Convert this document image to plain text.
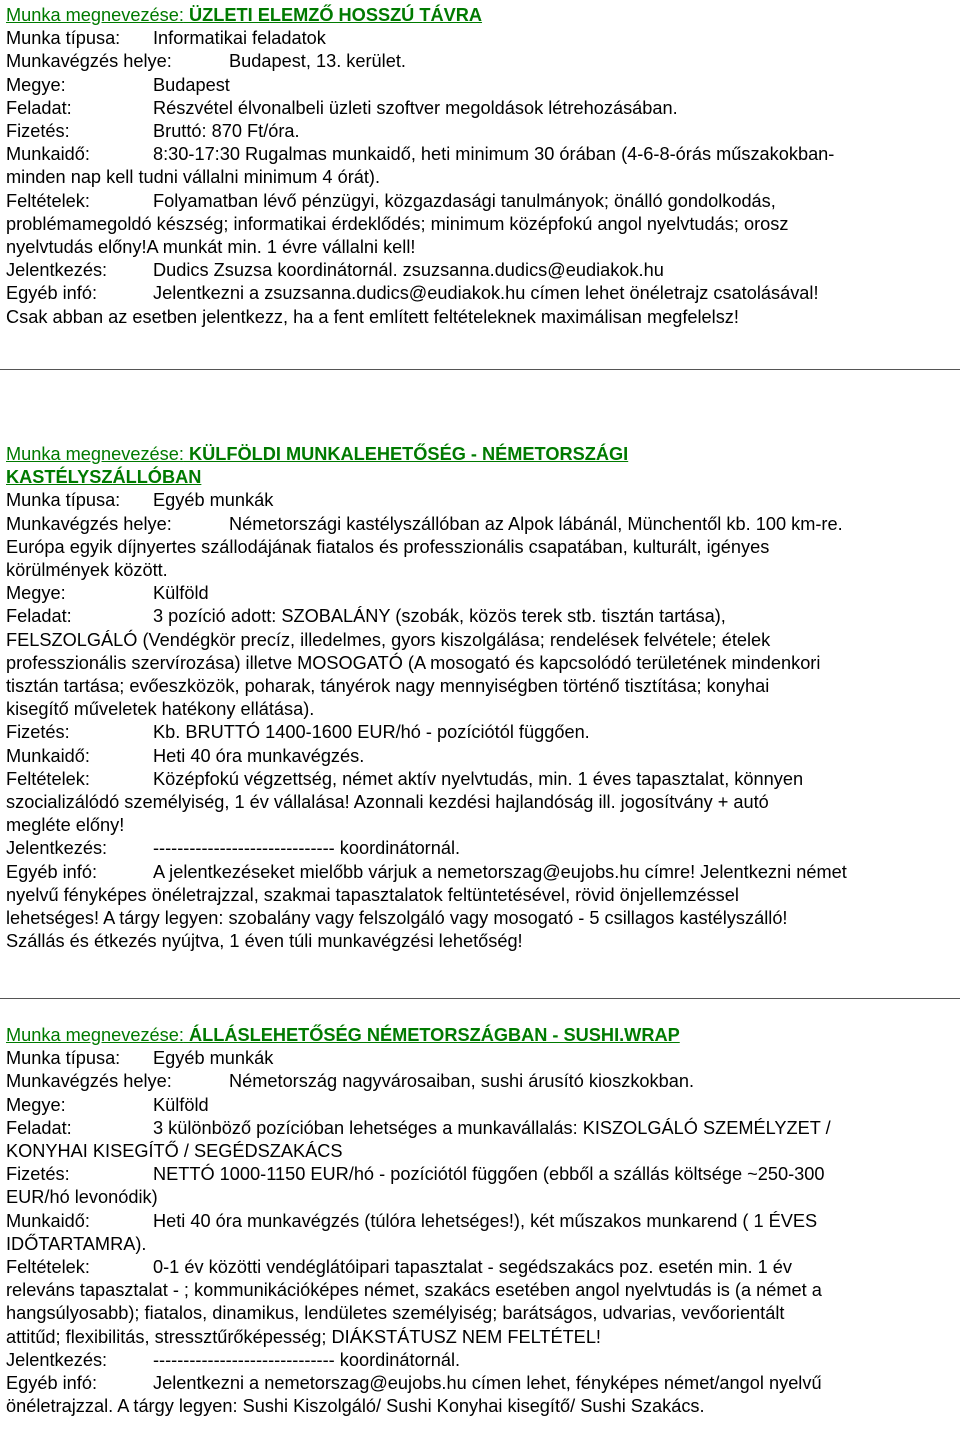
Munka megnevezése: ÜZLETI ELEMZŐ HOSSZÚ TÁVRA
Munka típusa: Informatikai feladatok
Munkavégzés helye:	Budapest, 13. kerület.
Megye:	Budapest
Feladat:	Részvétel élvonalbeli üzleti szoftver megoldások létrehozásában.
Fizetés:	Bruttó: 870 Ft/óra.
Munkaidő:	8:30-17:30 Rugalmas munkaidő, heti minimum 30 órában (4-6-8-órás műszakokban-
minden nap kell tudni vállalni minimum 4 órát).
Feltételek:	Folyamatban lévő pénzügyi, közgazdasági tanulmányok; önálló gondolkodás,
problémamegoldó készség; informatikai érdeklődés; minimum középfokú angol nyelvtudás; orosz
nyelvtudás előny!A munkát min. 1 évre vállalni kell!
Jelentkezés:	Dudics Zsuzsa koordinátornál. zsuzsanna.dudics@eudiakok.hu
Egyéb infó:	Jelentkezni a zsuzsanna.dudics@eudiakok.hu címen lehet önéletrajz csatolásával!
Csak abban az esetben jelentkezz, ha a fent említett feltételeknek maximálisan megfelelsz!
Munka megnevezése: KÜLFÖLDI MUNKALEHETŐSÉG - NÉMETORSZÁGI
KASTÉLYSZÁLLÓBAN
Munka típusa: Egyéb munkák
Munkavégzés helye:	Németországi kastélyszállóban az Alpok lábánál, Münchentől kb. 100 km-re.
Európa egyik díjnyertes szállodájának fiatalos és professzionális csapatában, kulturált, igényes
körülmények között.
Megye:	Külföld
Feladat:	3 pozíció adott: SZOBALÁNY (szobák, közös terek stb. tisztán tartása),
FELSZOLGÁLÓ (Vendégkör precíz, illedelmes, gyors kiszolgálása; rendelések felvétele; ételek
professzionális szervírozása) illetve MOSOGATÓ (A mosogató és kapcsolódó területének mindenkori
tisztán tartása; evőeszközök, poharak, tányérok nagy mennyiségben történő tisztítása; konyhai
kisegítő műveletek hatékony ellátása).
Fizetés:	Kb. BRUTTÓ 1400-1600 EUR/hó - pozíciótól függően.
Munkaidő:	Heti 40 óra munkavégzés.
Feltételek:	Középfokú végzettség, német aktív nyelvtudás, min. 1 éves tapasztalat, könnyen
szocializálódó személyiség, 1 év vállalása! Azonnali kezdési hajlandóság ill. jogosítvány + autó
megléte előny!
Jelentkezés:	------------------------------ koordinátornál.
Egyéb infó:	A jelentkezéseket mielőbb várjuk a nemetorszag@eujobs.hu címre! Jelentkezni német
nyelvű fényképes önéletrajzzal, szakmai tapasztalatok feltüntetésével, rövid önjellemzéssel
lehetséges! A tárgy legyen: szobalány vagy felszolgáló vagy mosogató - 5 csillagos kastélyszálló!
Szállás és étkezés nyújtva, 1 éven túli munkavégzési lehetőség!
Munka megnevezése: ÁLLÁSLEHETŐSÉG NÉMETORSZÁGBAN - SUSHI.WRAP
Munka típusa: Egyéb munkák
Munkavégzés helye:	Németország nagyvárosaiban, sushi árusító kioszkokban.
Megye:	Külföld
Feladat:	3 különböző pozícióban lehetséges a munkavállalás: KISZOLGÁLÓ SZEMÉLYZET /
KONYHAI KISEGÍTŐ / SEGÉDSZAKÁCS
Fizetés:	NETTÓ 1000-1150 EUR/hó - pozíciótól függően (ebből a szállás költsége ~250-300
EUR/hó levonódik)
Munkaidő:	Heti 40 óra munkavégzés (túlóra lehetséges!), két műszakos munkarend ( 1 ÉVES
IDŐTARTAMRA).
Feltételek:	0-1 év közötti vendéglátóipari tapasztalat - segédszakács poz. esetén min. 1 év
releváns tapasztalat - ; kommunikációképes német, szakács esetében angol nyelvtudás is (a német a
hangsúlyosabb); fiatalos, dinamikus, lendületes személyiség; barátságos, udvarias, vevőorientált
attitűd; flexibilitás, stressztűrőképesség; DIÁKSTÁTUSZ NEM FELTÉTEL!
Jelentkezés:	------------------------------ koordinátornál.
Egyéb infó:	Jelentkezni a nemetorszag@eujobs.hu címen lehet, fényképes német/angol nyelvű
önéletrajzzal. A tárgy legyen: Sushi Kiszolgáló/ Sushi Konyhai kisegítő/ Sushi Szakács.
